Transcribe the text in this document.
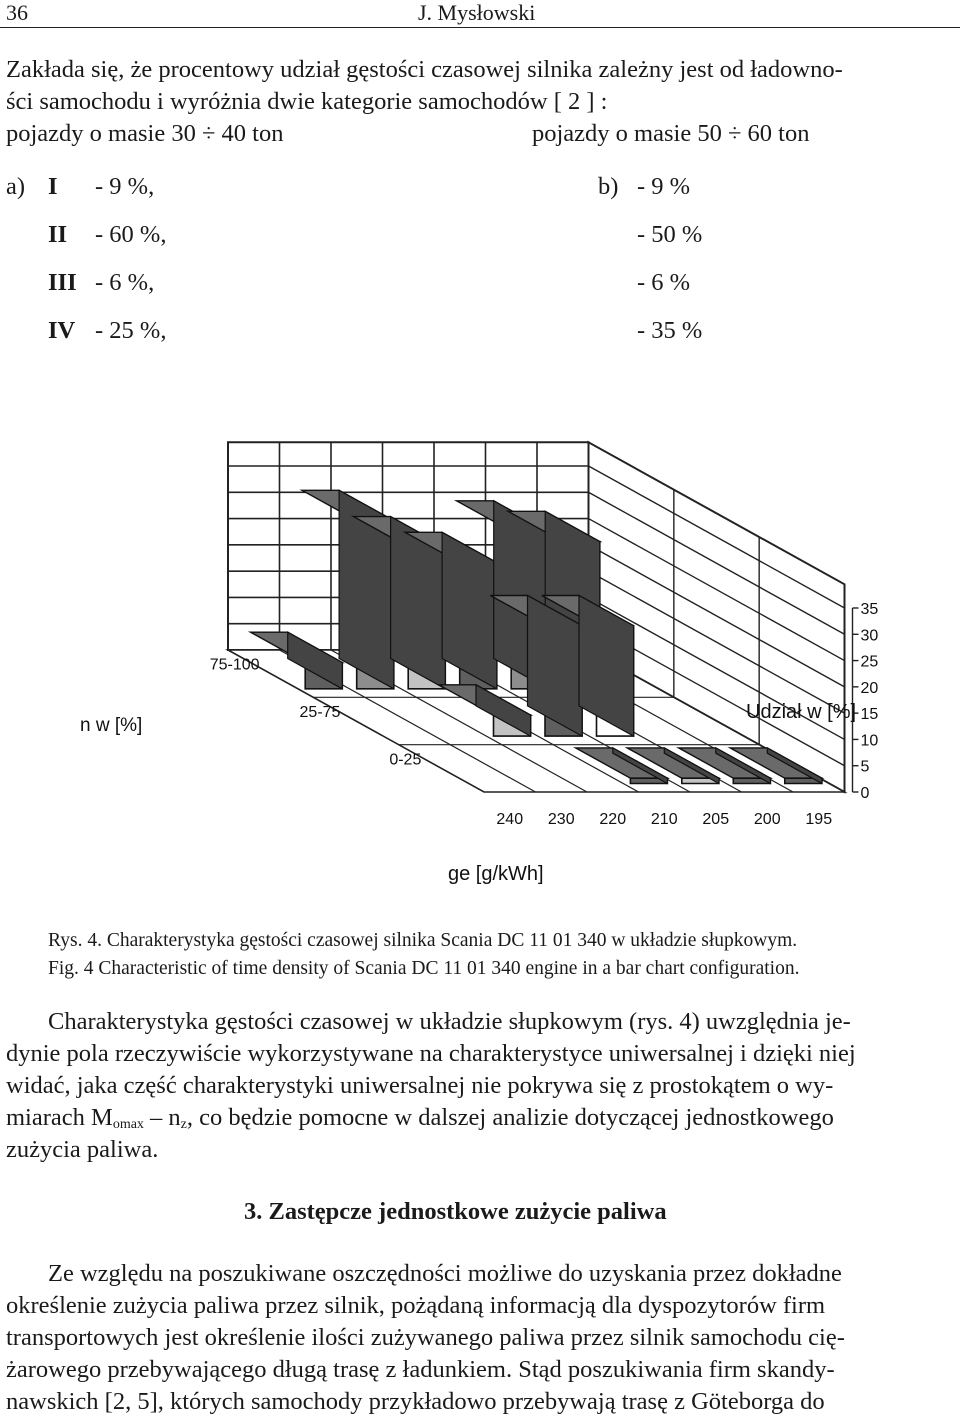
36	J. Mysłowski
Zakłada się, że procentowy udział gęstości czasowej silnika zależny jest od ładowno-
ści samochodu i wyróżnia dwie kategorie samochodów [ 2 ] :
pojazdy o masie 30 ÷ 40 ton	pojazdy o masie 50 ÷ 60 ton
a) I - 9 %,	b) - 9 %
II - 60 %,	- 50 %
III - 6 %,	- 6 %
IV - 25 %,	- 35 %
0
5
10
15
20
25
30
35
240 230 220 210 205 200 195
75-100
25-75
0-25
Udział w [%]
n w [%]
ge [g/kWh]
Rys. 4. Charakterystyka gęstości czasowej silnika Scania DC 11 01 340 w układzie słupkowym.
Fig. 4 Characteristic of time density of Scania DC 11 01 340 engine in a bar chart configuration.
Charakterystyka gęstości czasowej w układzie słupkowym (rys. 4) uwzględnia je-
dynie pola rzeczywiście wykorzystywane na charakterystyce uniwersalnej i dzięki niej
widać, jaka część charakterystyki uniwersalnej nie pokrywa się z prostokątem o wy-
miarach $M_{omax} - n_z$, co będzie pomocne w dalszej analizie dotyczącej jednostkowego
zużycia paliwa.
3. Zastępcze jednostkowe zużycie paliwa
Ze względu na poszukiwane oszczędności możliwe do uzyskania przez dokładne
określenie zużycia paliwa przez silnik, pożądaną informacją dla dyspozytorów firm
transportowych jest określenie ilości zużywanego paliwa przez silnik samochodu cię-
żarowego przebywającego długą trasę z ładunkiem. Stąd poszukiwania firm skandy-
nawskich [2, 5], których samochody przykładowo przebywają trasę z Göteborga do
